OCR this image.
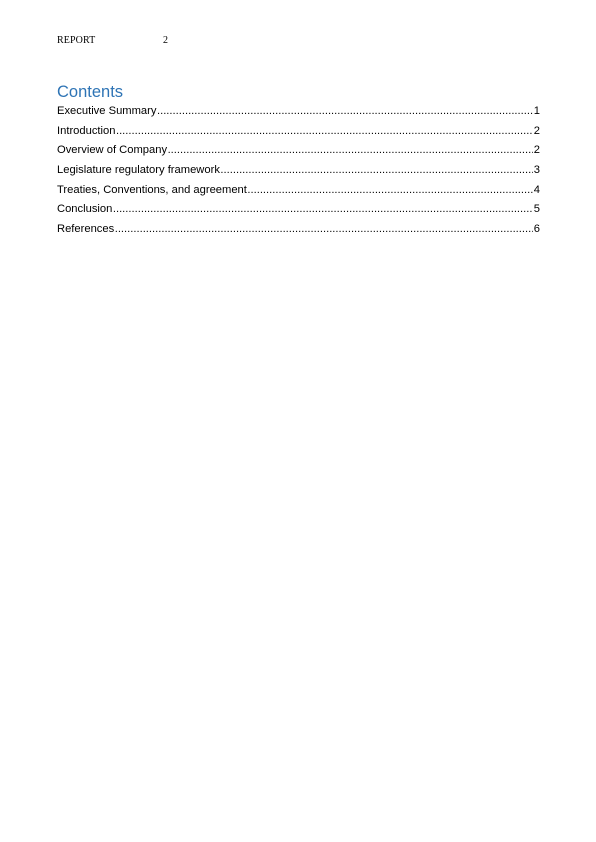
REPORT	2
Contents
Executive Summary .....	1
Introduction .....	2
Overview of Company .....	2
Legislature regulatory framework .....	3
Treaties, Conventions, and agreement .....	4
Conclusion .....	5
References .....	6
